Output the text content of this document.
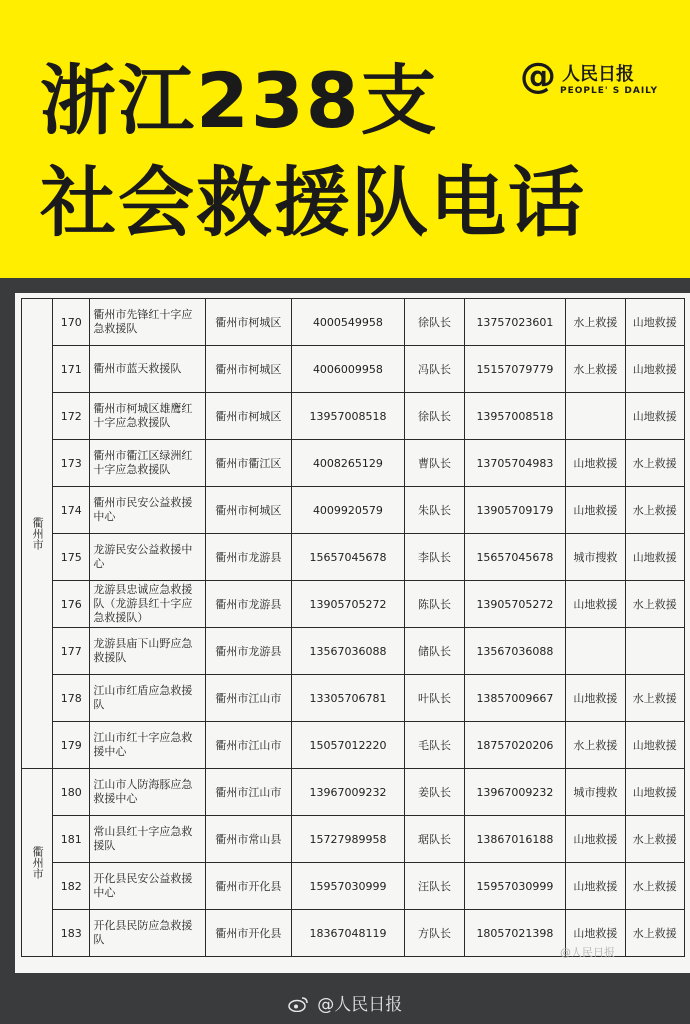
浙江238支
社会救援队电话
@ 人民日报
PEOPLE' S DAILY
衢州市	170	衢州市先锋红十字应急救援队	衢州市柯城区	4000549958	徐队长	13757023601	水上救援	山地救援
	171	衢州市蓝天救援队	衢州市柯城区	4006009958	冯队长	15157079779	水上救援	山地救援
	172	衢州市柯城区雄鹰红十字应急救援队	衢州市柯城区	13957008518	徐队长	13957008518		山地救援
	173	衢州市衢江区绿洲红十字应急救援队	衢州市衢江区	4008265129	曹队长	13705704983	山地救援	水上救援
	174	衢州市民安公益救援中心	衢州市柯城区	4009920579	朱队长	13905709179	山地救援	水上救援
	175	龙游民安公益救援中心	衢州市龙游县	15657045678	李队长	15657045678	城市搜救	山地救援
	176	龙游县忠诚应急救援队（龙游县红十字应急救援队）	衢州市龙游县	13905705272	陈队长	13905705272	山地救援	水上救援
	177	龙游县庙下山野应急救援队	衢州市龙游县	13567036088	储队长	13567036088		
	178	江山市红盾应急救援队	衢州市江山市	13305706781	叶队长	13857009667	山地救援	水上救援
	179	江山市红十字应急救援中心	衢州市江山市	15057012220	毛队长	18757020206	水上救援	山地救援
衢州市	180	江山市人防海豚应急救援中心	衢州市江山市	13967009232	姜队长	13967009232	城市搜救	山地救援
	181	常山县红十字应急救援队	衢州市常山县	15727989958	琚队长	13867016188	山地救援	水上救援
	182	开化县民安公益救援中心	衢州市开化县	15957030999	汪队长	15957030999	山地救援	水上救援
	183	开化县民防应急救援队	衢州市开化县	18367048119	方队长	18057021398	山地救援	水上救援
@人民日报
@人民日报
